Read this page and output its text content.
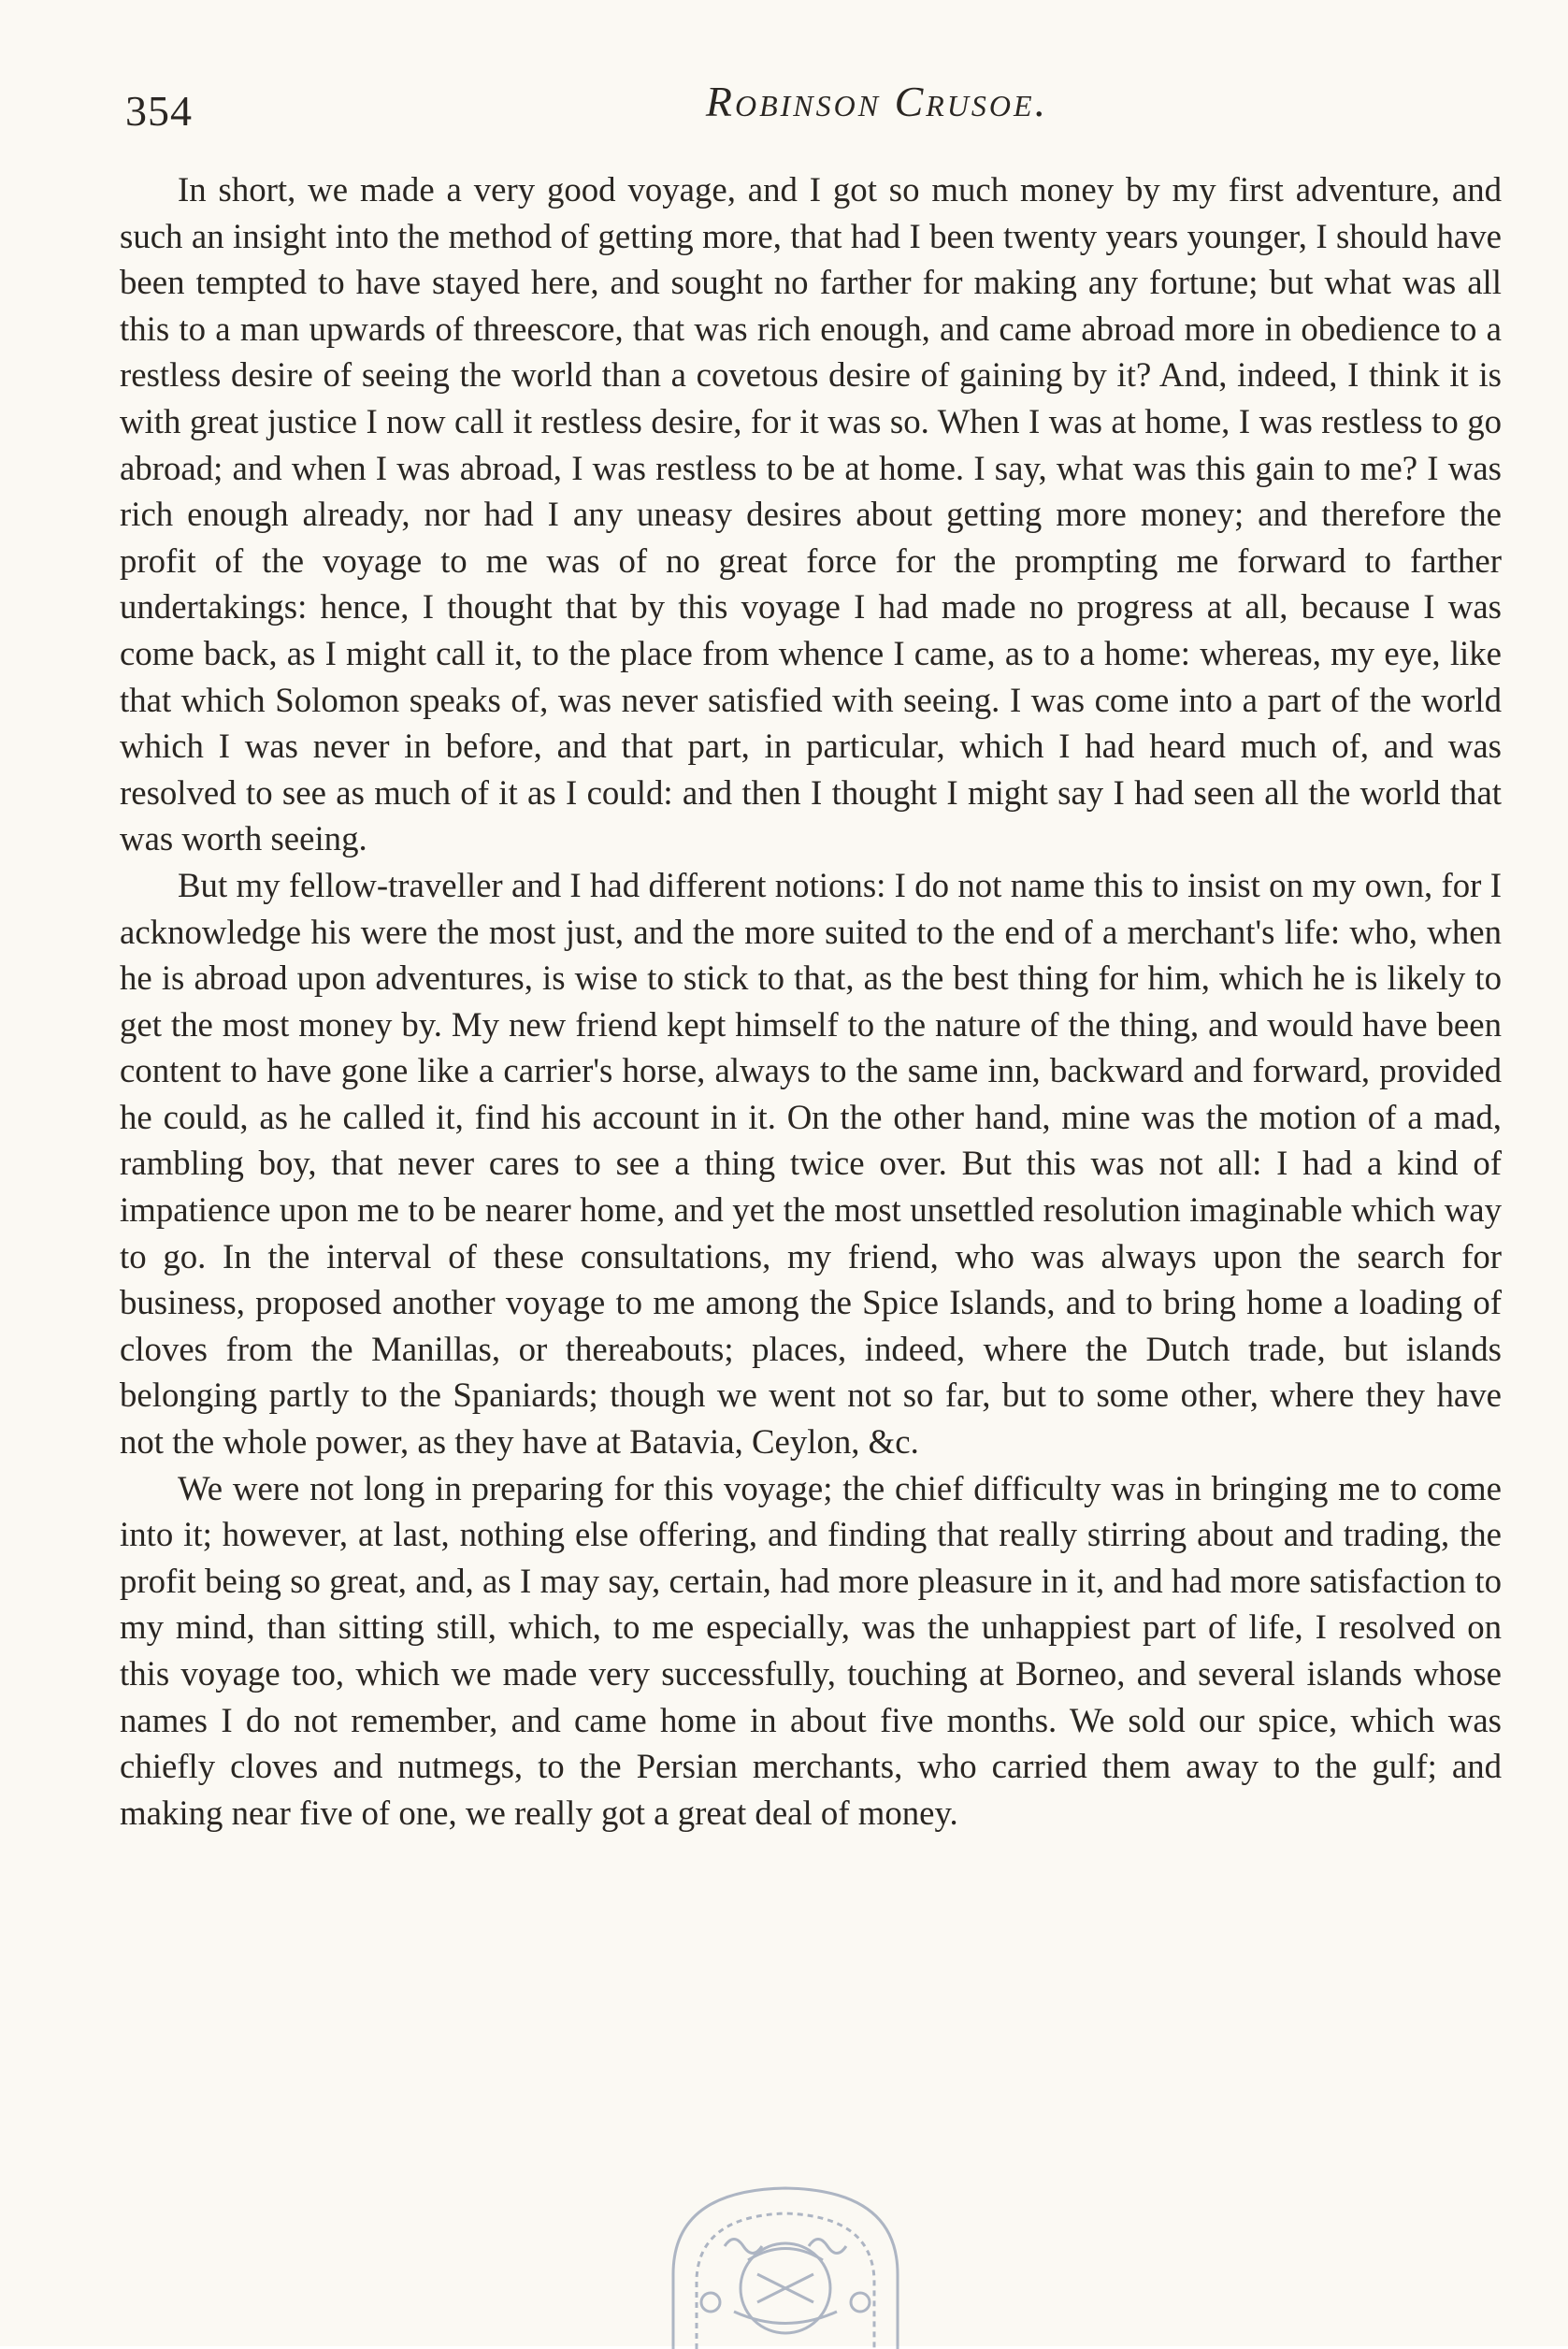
354	Robinson Crusoe.

In short, we made a very good voyage, and I got so much money by my first adventure, and such an insight into the method of getting more, that had I been twenty years younger, I should have been tempted to have stayed here, and sought no farther for making any fortune; but what was all this to a man upwards of threescore, that was rich enough, and came abroad more in obedience to a restless desire of seeing the world than a covetous desire of gaining by it? And, indeed, I think it is with great justice I now call it restless desire, for it was so. When I was at home, I was restless to go abroad; and when I was abroad, I was restless to be at home. I say, what was this gain to me? I was rich enough already, nor had I any uneasy desires about getting more money; and therefore the profit of the voyage to me was of no great force for the prompting me forward to farther undertakings: hence, I thought that by this voyage I had made no progress at all, because I was come back, as I might call it, to the place from whence I came, as to a home: whereas, my eye, like that which Solomon speaks of, was never satisfied with seeing. I was come into a part of the world which I was never in before, and that part, in particular, which I had heard much of, and was resolved to see as much of it as I could: and then I thought I might say I had seen all the world that was worth seeing.

But my fellow-traveller and I had different notions: I do not name this to insist on my own, for I acknowledge his were the most just, and the more suited to the end of a merchant's life: who, when he is abroad upon adventures, is wise to stick to that, as the best thing for him, which he is likely to get the most money by. My new friend kept himself to the nature of the thing, and would have been content to have gone like a carrier's horse, always to the same inn, backward and forward, provided he could, as he called it, find his account in it. On the other hand, mine was the motion of a mad, rambling boy, that never cares to see a thing twice over. But this was not all: I had a kind of impatience upon me to be nearer home, and yet the most unsettled resolution imaginable which way to go. In the interval of these consultations, my friend, who was always upon the search for business, proposed another voyage to me among the Spice Islands, and to bring home a loading of cloves from the Manillas, or thereabouts; places, indeed, where the Dutch trade, but islands belonging partly to the Spaniards; though we went not so far, but to some other, where they have not the whole power, as they have at Batavia, Ceylon, &c.

We were not long in preparing for this voyage; the chief difficulty was in bringing me to come into it; however, at last, nothing else offering, and finding that really stirring about and trading, the profit being so great, and, as I may say, certain, had more pleasure in it, and had more satisfaction to my mind, than sitting still, which, to me especially, was the unhappiest part of life, I resolved on this voyage too, which we made very successfully, touching at Borneo, and several islands whose names I do not remember, and came home in about five months. We sold our spice, which was chiefly cloves and nutmegs, to the Persian merchants, who carried them away to the gulf; and making near five of one, we really got a great deal of money.
